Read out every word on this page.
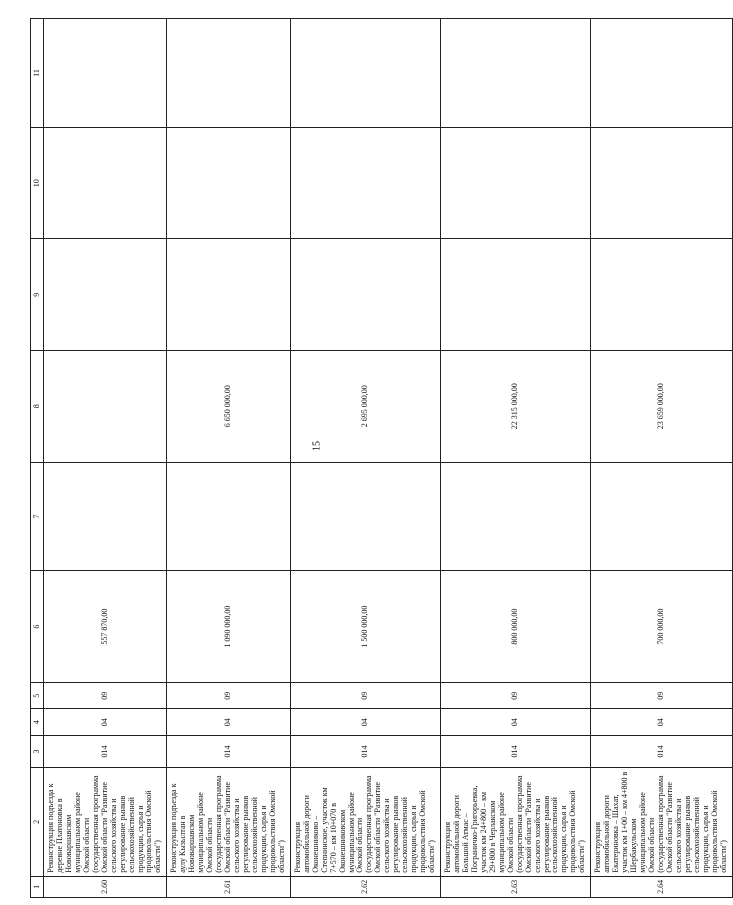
15
1	2	3	4	5	6	7	8	9	10	11
2.60	Реконструкция подъезда к деревне Платоновка в Нововаршавском муниципальном районе Омской области (государственная программа Омской области "Развитие сельского хозяйства и регулирование рынков сельскохозяйственной продукции, сырья и продовольствия Омской области")	014	04	09	557 870,00					
2.61	Реконструкция подъезда к аулу Кызылтан в Нововаршавском муниципальном районе Омской области (государственная программа Омской области "Развитие сельского хозяйства и регулирование рынков сельскохозяйственной продукции, сырья и продовольствия Омской области")	014	04	09	1 090 000,00		6 650 000,00			
2.62	Реконструкция автомобильной дороги Оконешниково – Степнинское, участок км 7+570 – км 10+070 в Оконешниковском муниципальном районе Омской области (государственная программа Омской области "Развитие сельского хозяйства и регулирование рынков сельскохозяйственной продукции, сырья и продовольствия Омской области")	014	04	09	1 500 000,00		2 695 000,00			
2.63	Реконструкция автомобильной дороги Большой Атмас – Пограничко-Григорьевка, участок км 24+800 – км 29+800 в Черлакском муниципальном районе Омской области (государственная программа Омской области "Развитие сельского хозяйства и регулирование рынков сельскохозяйственной продукции, сырья и продовольствия Омской области")	014	04	09	800 000,00		22 315 000,00			
2.64	Реконструкция автомобильной дороги Екатериновка – Шахат, участок км 1+00 – км 4+800 в Шербакульском муниципальном районе Омской области (государственная программа Омской области "Развитие сельского хозяйства и регулирование рынков сельскохозяйственной продукции, сырья и продовольствия Омской области")	014	04	09	700 000,00		23 659 000,00			
